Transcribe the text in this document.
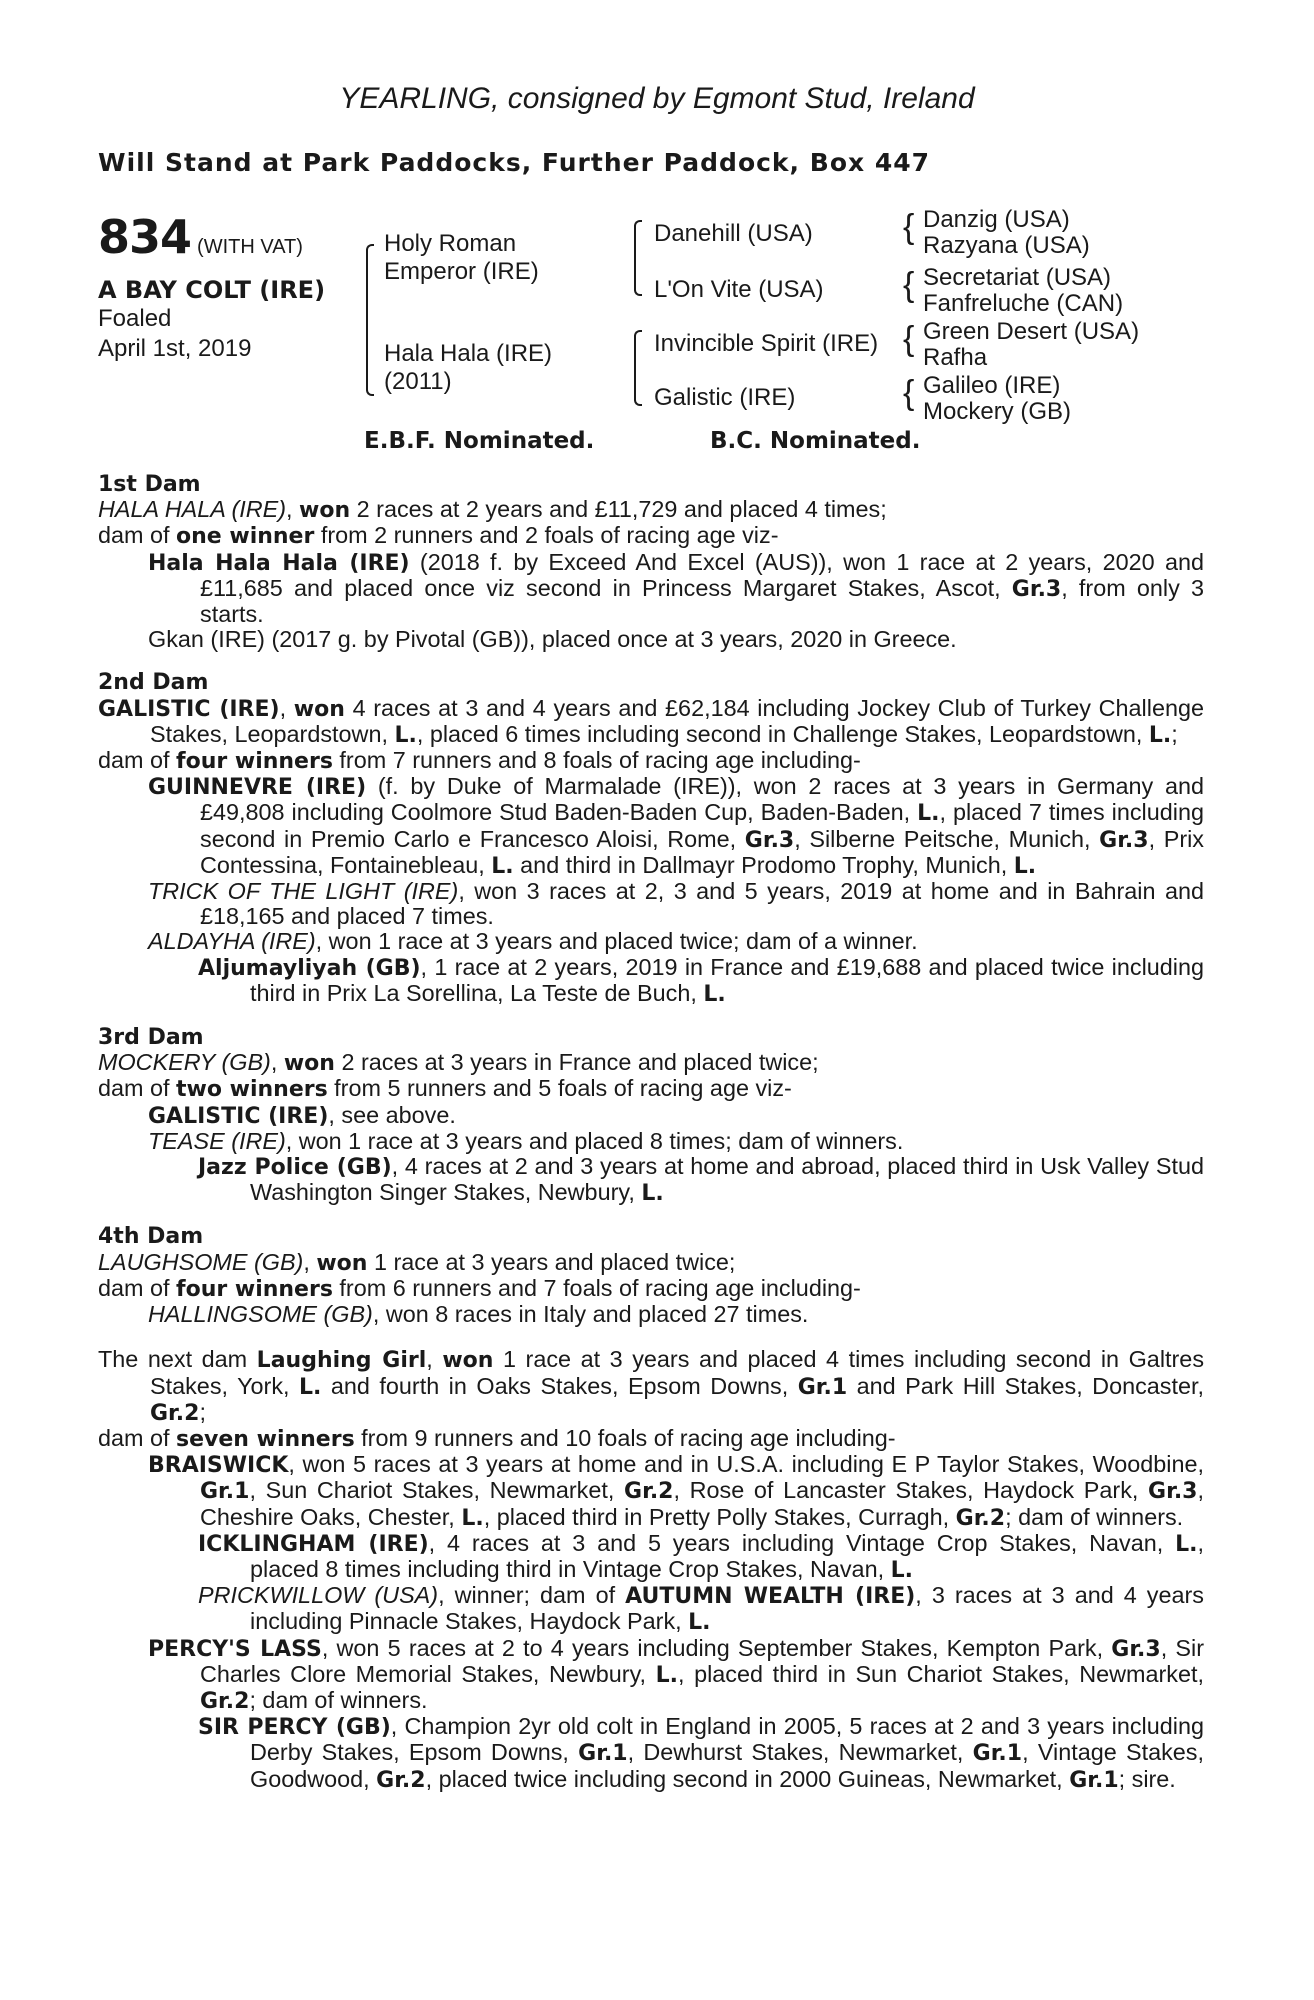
YEARLING, consigned by Egmont Stud, Ireland
Will Stand at Park Paddocks, Further Paddock, Box 447
834 (WITH VAT)
A BAY COLT (IRE)
Foaled
April 1st, 2019
Holy Roman
Emperor (IRE)
Hala Hala (IRE)
(2011)
Danehill (USA)
L'On Vite (USA)
Invincible Spirit (IRE)
Galistic (IRE)
{ Danzig (USA)
Razyana (USA)
{ Secretariat (USA)
Fanfreluche (CAN)
{ Green Desert (USA)
Rafha
{ Galileo (IRE)
Mockery (GB)
E.B.F. Nominated.	B.C. Nominated.

1st Dam

HALA HALA (IRE), won 2 races at 2 years and £11,729 and placed 4 times;

dam of one winner from 2 runners and 2 foals of racing age viz-

Hala Hala Hala (IRE) (2018 f. by Exceed And Excel (AUS)), won 1 race at 2 years, 2020 and £11,685 and placed once viz second in Princess Margaret Stakes, Ascot, Gr.3, from only 3 starts.

Gkan (IRE) (2017 g. by Pivotal (GB)), placed once at 3 years, 2020 in Greece.

2nd Dam

GALISTIC (IRE), won 4 races at 3 and 4 years and £62,184 including Jockey Club of Turkey Challenge Stakes, Leopardstown, L., placed 6 times including second in Challenge Stakes, Leopardstown, L.;

dam of four winners from 7 runners and 8 foals of racing age including-

GUINNEVRE (IRE) (f. by Duke of Marmalade (IRE)), won 2 races at 3 years in Germany and £49,808 including Coolmore Stud Baden-Baden Cup, Baden-Baden, L., placed 7 times including second in Premio Carlo e Francesco Aloisi, Rome, Gr.3, Silberne Peitsche, Munich, Gr.3, Prix Contessina, Fontainebleau, L. and third in Dallmayr Prodomo Trophy, Munich, L.

TRICK OF THE LIGHT (IRE), won 3 races at 2, 3 and 5 years, 2019 at home and in Bahrain and £18,165 and placed 7 times.

ALDAYHA (IRE), won 1 race at 3 years and placed twice; dam of a winner.

Aljumayliyah (GB), 1 race at 2 years, 2019 in France and £19,688 and placed twice including third in Prix La Sorellina, La Teste de Buch, L.

3rd Dam

MOCKERY (GB), won 2 races at 3 years in France and placed twice;

dam of two winners from 5 runners and 5 foals of racing age viz-

GALISTIC (IRE), see above.

TEASE (IRE), won 1 race at 3 years and placed 8 times; dam of winners.

Jazz Police (GB), 4 races at 2 and 3 years at home and abroad, placed third in Usk Valley Stud Washington Singer Stakes, Newbury, L.

4th Dam

LAUGHSOME (GB), won 1 race at 3 years and placed twice;

dam of four winners from 6 runners and 7 foals of racing age including-

HALLINGSOME (GB), won 8 races in Italy and placed 27 times.

The next dam Laughing Girl, won 1 race at 3 years and placed 4 times including second in Galtres Stakes, York, L. and fourth in Oaks Stakes, Epsom Downs, Gr.1 and Park Hill Stakes, Doncaster, Gr.2;

dam of seven winners from 9 runners and 10 foals of racing age including-

BRAISWICK, won 5 races at 3 years at home and in U.S.A. including E P Taylor Stakes, Woodbine, Gr.1, Sun Chariot Stakes, Newmarket, Gr.2, Rose of Lancaster Stakes, Haydock Park, Gr.3, Cheshire Oaks, Chester, L., placed third in Pretty Polly Stakes, Curragh, Gr.2; dam of winners.

ICKLINGHAM (IRE), 4 races at 3 and 5 years including Vintage Crop Stakes, Navan, L., placed 8 times including third in Vintage Crop Stakes, Navan, L.

PRICKWILLOW (USA), winner; dam of AUTUMN WEALTH (IRE), 3 races at 3 and 4 years including Pinnacle Stakes, Haydock Park, L.

PERCY'S LASS, won 5 races at 2 to 4 years including September Stakes, Kempton Park, Gr.3, Sir Charles Clore Memorial Stakes, Newbury, L., placed third in Sun Chariot Stakes, Newmarket, Gr.2; dam of winners.

SIR PERCY (GB), Champion 2yr old colt in England in 2005, 5 races at 2 and 3 years including Derby Stakes, Epsom Downs, Gr.1, Dewhurst Stakes, Newmarket, Gr.1, Vintage Stakes, Goodwood, Gr.2, placed twice including second in 2000 Guineas, Newmarket, Gr.1; sire.
